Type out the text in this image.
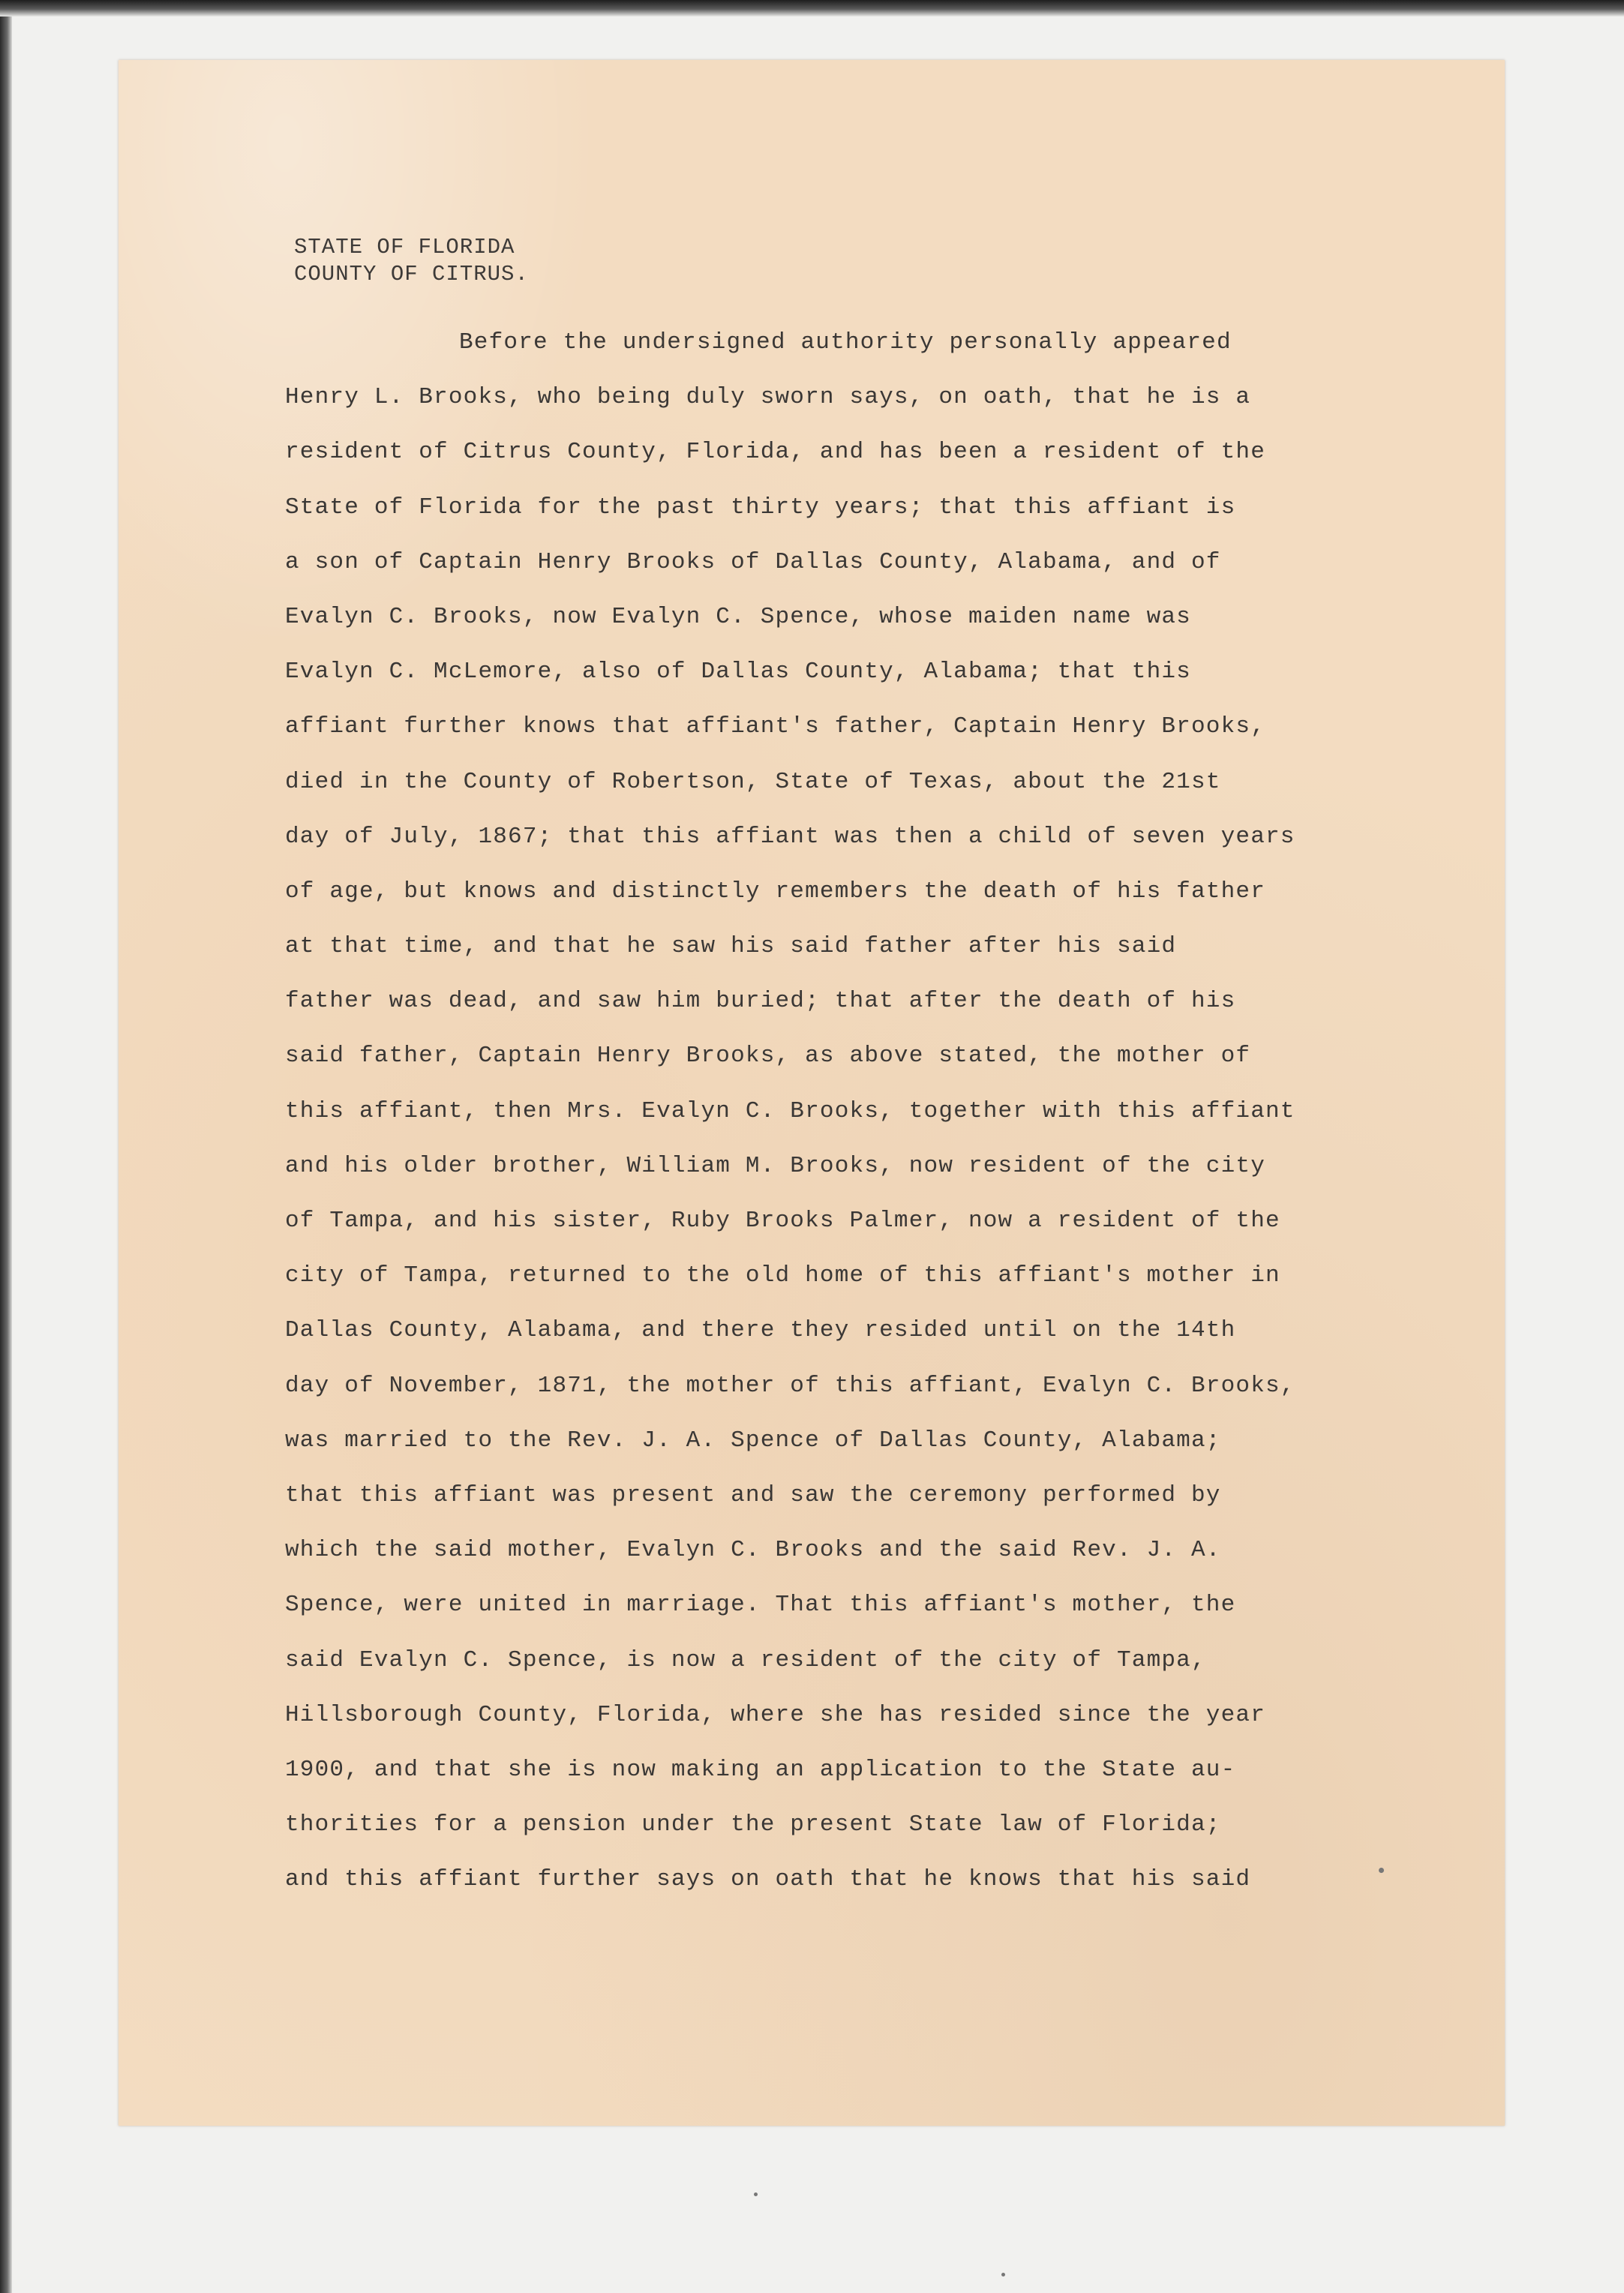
STATE OF FLORIDA
COUNTY OF CITRUS.
Before the undersigned authority personally appeared
Henry L. Brooks, who being duly sworn says, on oath, that he is a
resident of Citrus County, Florida, and has been a resident of the
State of Florida for the past thirty years; that this affiant is
a son of Captain Henry Brooks of Dallas County, Alabama, and of
Evalyn C. Brooks, now Evalyn C. Spence, whose maiden name was
Evalyn C. McLemore, also of Dallas County, Alabama; that this
affiant further knows that affiant's father, Captain Henry Brooks,
died in the County of Robertson, State of Texas, about the 21st
day of July, 1867; that this affiant was then a child of seven years
of age, but knows and distinctly remembers the death of his father
at that time, and that he saw his said father after his said
father was dead, and saw him buried; that after the death of his
said father, Captain Henry Brooks, as above stated, the mother of
this affiant, then Mrs. Evalyn C. Brooks, together with this affiant
and his older brother, William M. Brooks, now resident of the city
of Tampa, and his sister, Ruby Brooks Palmer, now a resident of the
city of Tampa, returned to the old home of this affiant's mother in
Dallas County, Alabama, and there they resided until on the 14th
day of November, 1871, the mother of this affiant, Evalyn C. Brooks,
was married to the Rev. J. A. Spence of Dallas County, Alabama;
that this affiant was present and saw the ceremony performed by
which the said mother, Evalyn C. Brooks and the said Rev. J. A.
Spence, were united in marriage. That this affiant's mother, the
said Evalyn C. Spence, is now a resident of the city of Tampa,
Hillsborough County, Florida, where she has resided since the year
1900, and that she is now making an application to the State au-
thorities for a pension under the present State law of Florida;
and this affiant further says on oath that he knows that his said
